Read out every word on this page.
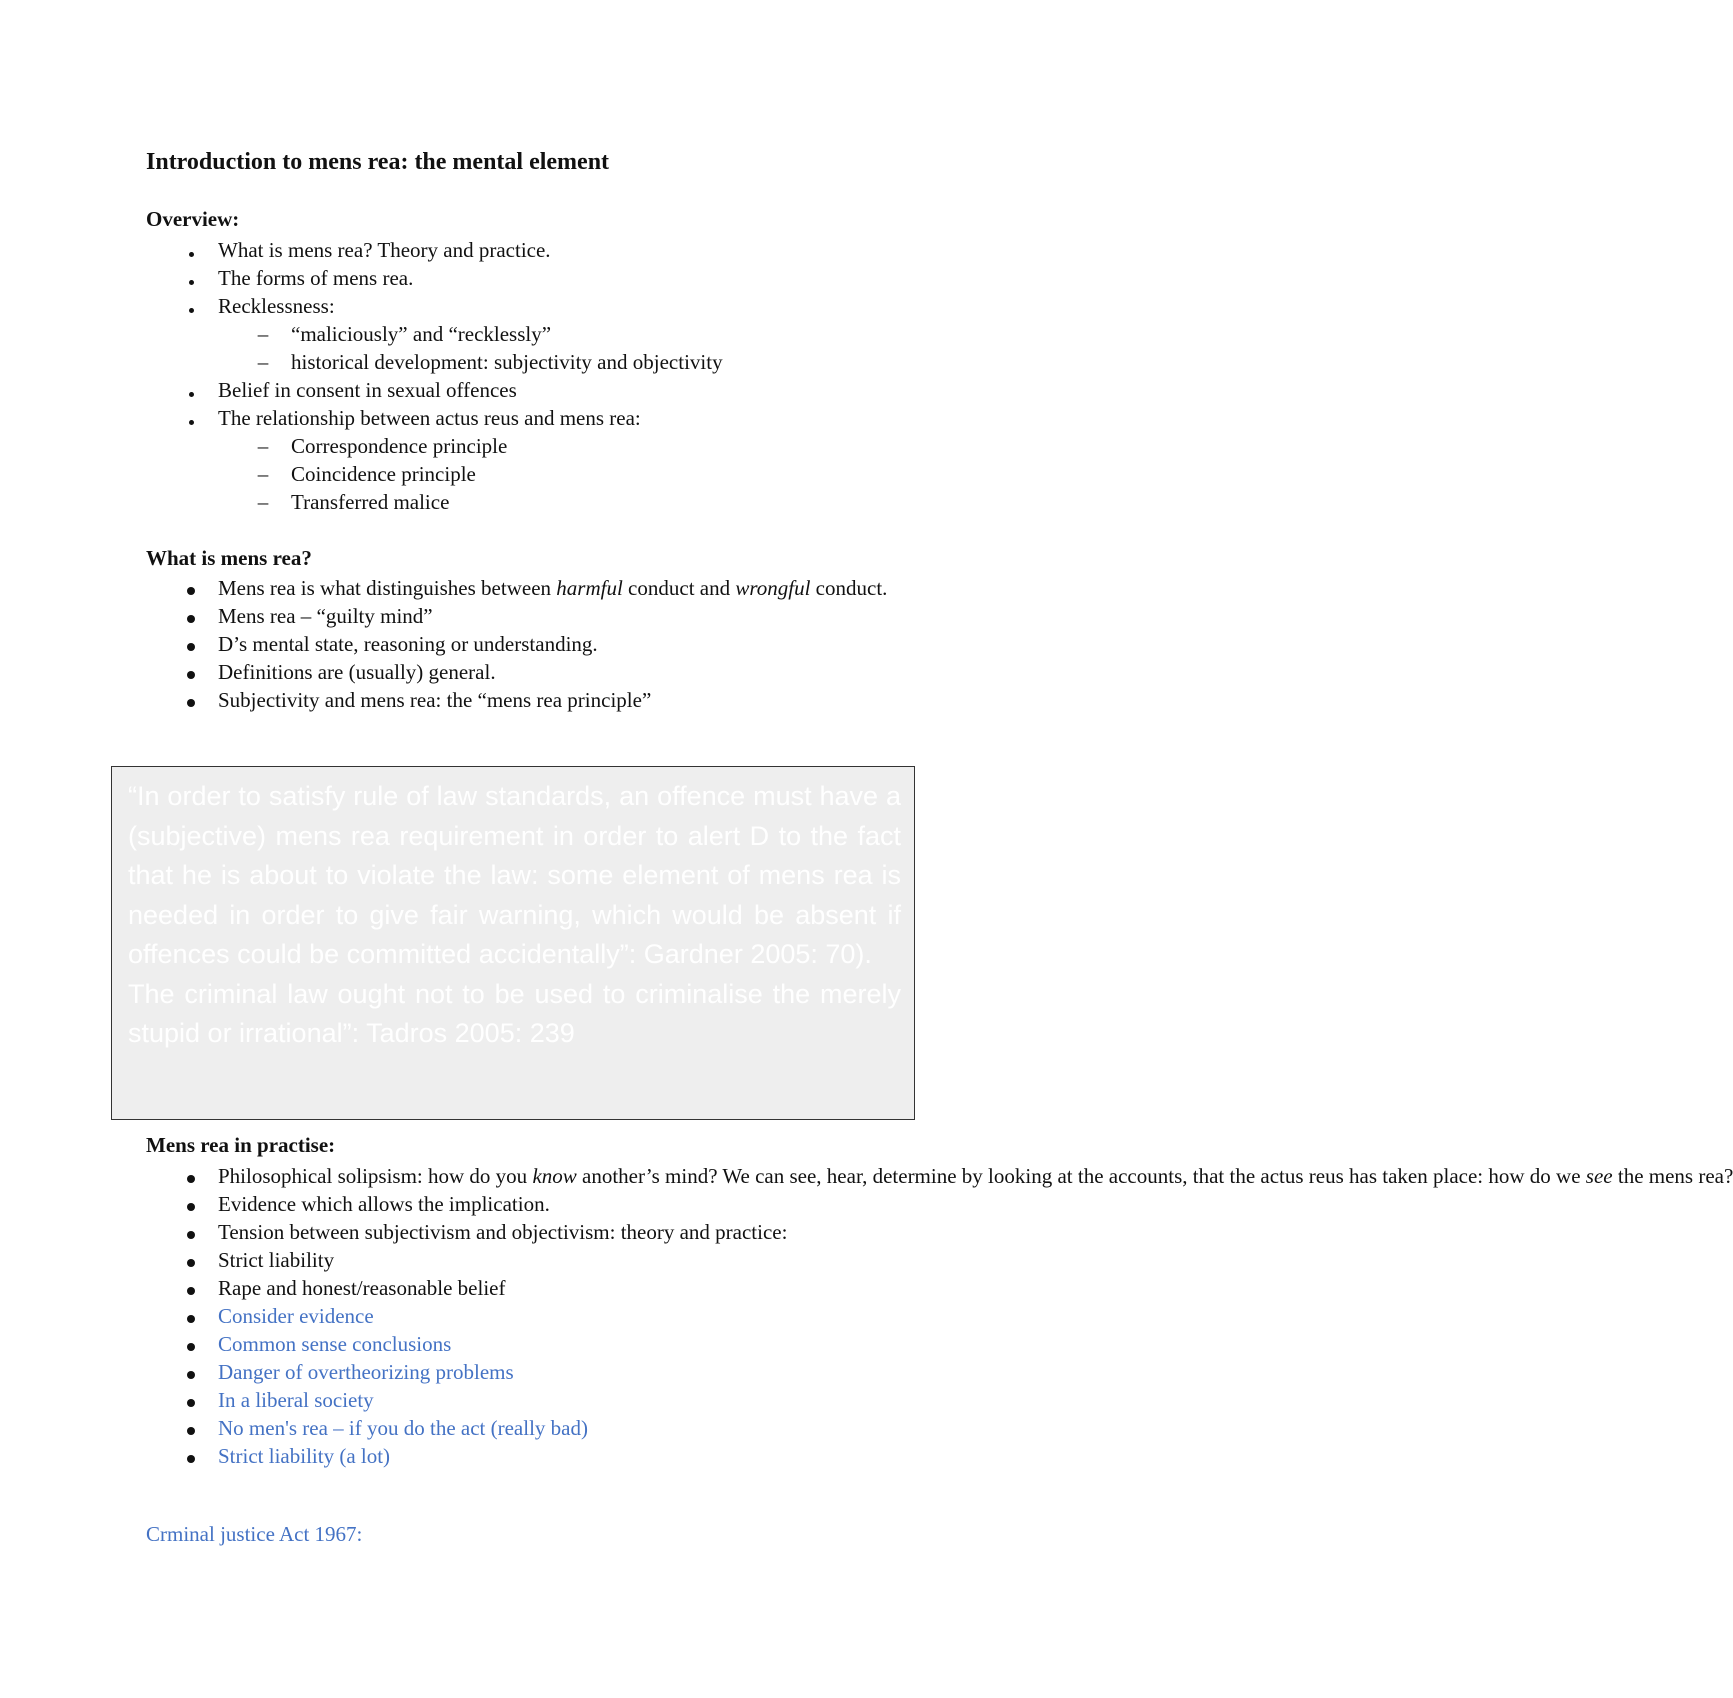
Introduction to mens rea: the mental element
Overview:
What is mens rea? Theory and practice.
The forms of mens rea.
Recklessness:
– “maliciously” and “recklessly”
– historical development: subjectivity and objectivity
Belief in consent in sexual offences
The relationship between actus reus and mens rea:
– Correspondence principle
– Coincidence principle
– Transferred malice
What is mens rea?
Mens rea is what distinguishes between harmful conduct and wrongful conduct.
Mens rea – “guilty mind”
D’s mental state, reasoning or understanding.
Definitions are (usually) general.
Subjectivity and mens rea: the “mens rea principle”

“In order to satisfy rule of law standards, an offence must have a (subjective) mens rea requirement in order to alert D to the fact that he is about to violate the law: some element of mens rea is needed in order to give fair warning, which would be absent if offences could be committed accidentally”: Gardner 2005: 70).

The criminal law ought not to be used to criminalise the merely stupid or irrational”: Tadros 2005: 239

Mens rea in practise:
Philosophical solipsism: how do you know another’s mind? We can see, hear, determine by looking at the accounts, that the actus reus has taken place: how do we see the mens rea?
Evidence which allows the implication.
Tension between subjectivism and objectivism: theory and practice:
Strict liability
Rape and honest/reasonable belief
Consider evidence
Common sense conclusions
Danger of overtheorizing problems
In a liberal society
No men's rea – if you do the act (really bad)
Strict liability (a lot)
Crminal justice Act 1967:
